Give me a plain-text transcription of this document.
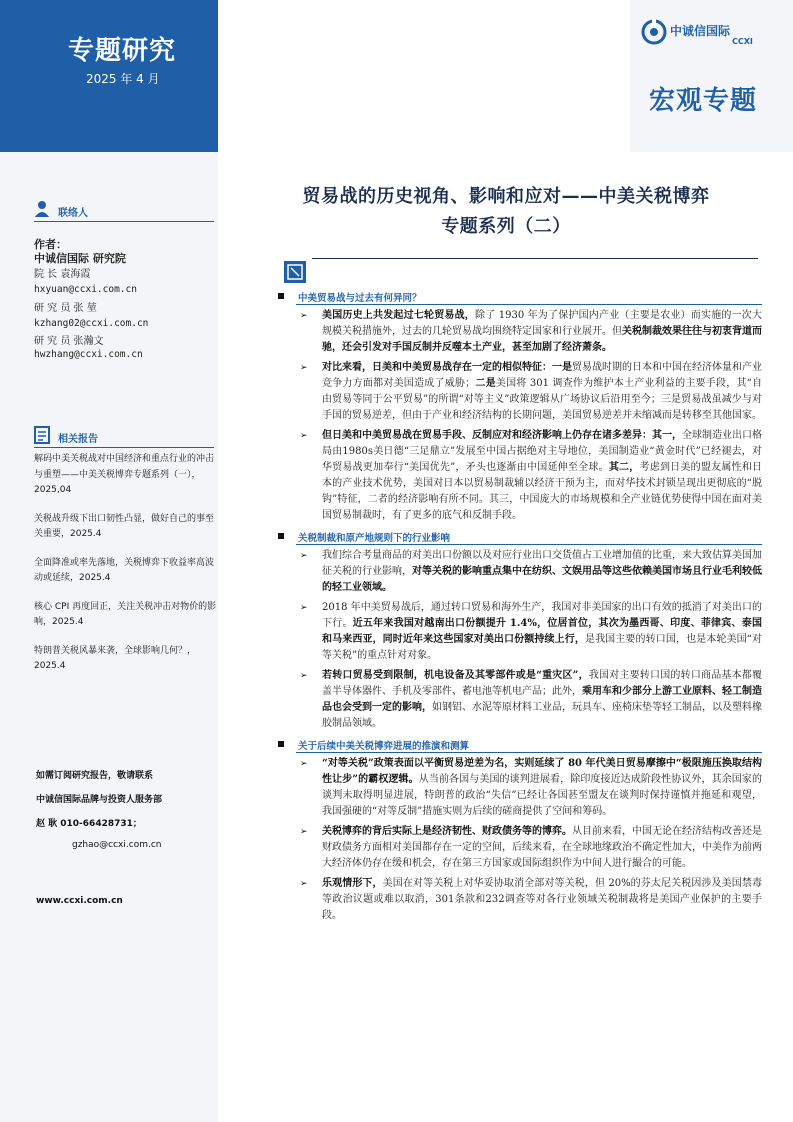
专题研究
2025 年 4 月
宏观专题
中诚信国际
CCXI
联络人
作者：
中诚信国际 研究院
院 长 袁海霞
hxyuan@ccxi.com.cn
研 究 员 张 堃
kzhang02@ccxi.com.cn
研 究 员 张瀚文
hwzhang@ccxi.com.cn
相关报告
解码中美关税战对中国经济和重点行业的冲击与重塑——中美关税博弈专题系列（一），2025,04
关税战升级下出口韧性凸显，做好自己的事至关重要，2025.4
全面降准或率先落地，关税博弈下收益率高波动或延续，2025.4
核心 CPI 再度回正，关注关税冲击对物价的影响，2025.4
特朗普关税风暴来袭，全球影响几何？，2025.4
如需订阅研究报告，敬请联系
中诚信国际品牌与投资人服务部
赵 耿 010-66428731；
gzhao@ccxi.com.cn
www.ccxi.com.cn
贸易战的历史视角、影响和应对——中美关税博弈
专题系列（二）
中美贸易战与过去有何异同？
➢ 美国历史上共发起过七轮贸易战，除了 1930 年为了保护国内产业（主要是农业）而实施的一次大规模关税措施外，过去的几轮贸易战均围绕特定国家和行业展开。但关税制裁效果往往与初衷背道而驰，还会引发对手国反制并反噬本土产业，甚至加剧了经济萧条。
➢ 对比来看，日美和中美贸易战存在一定的相似特征：一是贸易战时期的日本和中国在经济体量和产业竞争力方面都对美国造成了威胁；二是美国将 301 调查作为维护本土产业利益的主要手段，其“自由贸易等同于公平贸易”的所谓“对等主义”政策逻辑从广场协议后沿用至今；三是贸易战虽减少与对手国的贸易逆差，但由于产业和经济结构的长期问题，美国贸易逆差并未缩减而是转移至其他国家。
➢ 但日美和中美贸易战在贸易手段、反制应对和经济影响上仍存在诸多差异：其一，全球制造业出口格局由1980s美日德“三足鼎立”发展至中国占据绝对主导地位，美国制造业“黄金时代”已经褪去，对华贸易战更加奉行“美国优先”，矛头也逐渐由中国延伸至全球。其二，考虑到日美的盟友属性和日本的产业技术优势，美国对日本以贸易制裁辅以经济干预为主，而对华技术封锁呈现出更彻底的“脱钩”特征，二者的经济影响有所不同。其三，中国庞大的市场规模和全产业链优势使得中国在面对美国贸易制裁时，有了更多的底气和反制手段。
关税制裁和原产地规则下的行业影响
➢ 我们综合考量商品的对美出口份额以及对应行业出口交货值占工业增加值的比重，来大致估算美国加征关税的行业影响，对等关税的影响重点集中在纺织、文娱用品等这些依赖美国市场且行业毛利较低的轻工业领域。
➢ 2018 年中美贸易战后，通过转口贸易和海外生产，我国对非美国家的出口有效的抵消了对美出口的下行。近五年来我国对越南出口份额提升 1.4%，位居首位，其次为墨西哥、印度、菲律宾、泰国和马来西亚，同时近年来这些国家对美出口份额持续上行，是我国主要的转口国，也是本轮美国“对等关税”的重点针对对象。
➢ 若转口贸易受到限制，机电设备及其零部件或是“重灾区”，我国对主要转口国的转口商品基本都覆盖半导体器件、手机及零部件、蓄电池等机电产品；此外，乘用车和少部分上游工业原料、轻工制造品也会受到一定的影响，如钢铝、水泥等原材料工业品，玩具车、座椅床垫等轻工制品，以及塑料橡胶制品领域。
关于后续中美关税博弈进展的推演和测算
➢ “对等关税”政策表面以平衡贸易逆差为名，实则延续了 80 年代美日贸易摩擦中“极限施压换取结构性让步”的霸权逻辑。从当前各国与美国的谈判进展看，除印度接近达成阶段性协议外，其余国家的谈判未取得明显进展，特朗普的政治“失信”已经让各国甚至盟友在谈判时保持谨慎并拖延和观望，我国强硬的“对等反制”措施实则为后续的磋商提供了空间和筹码。
➢ 关税博弈的背后实际上是经济韧性、财政债务等的博弈。从目前来看，中国无论在经济结构改善还是财政债务方面相对美国都存在一定的空间，后续来看，在全球地缘政治不确定性加大，中美作为前两大经济体仍存在缓和机会，存在第三方国家或国际组织作为中间人进行撮合的可能。
➢ 乐观情形下，美国在对等关税上对华妥协取消全部对等关税，但 20%的芬太尼关税因涉及美国禁毒等政治议题或难以取消，301条款和232调查等对各行业领域关税制裁将是美国产业保护的主要手段。
